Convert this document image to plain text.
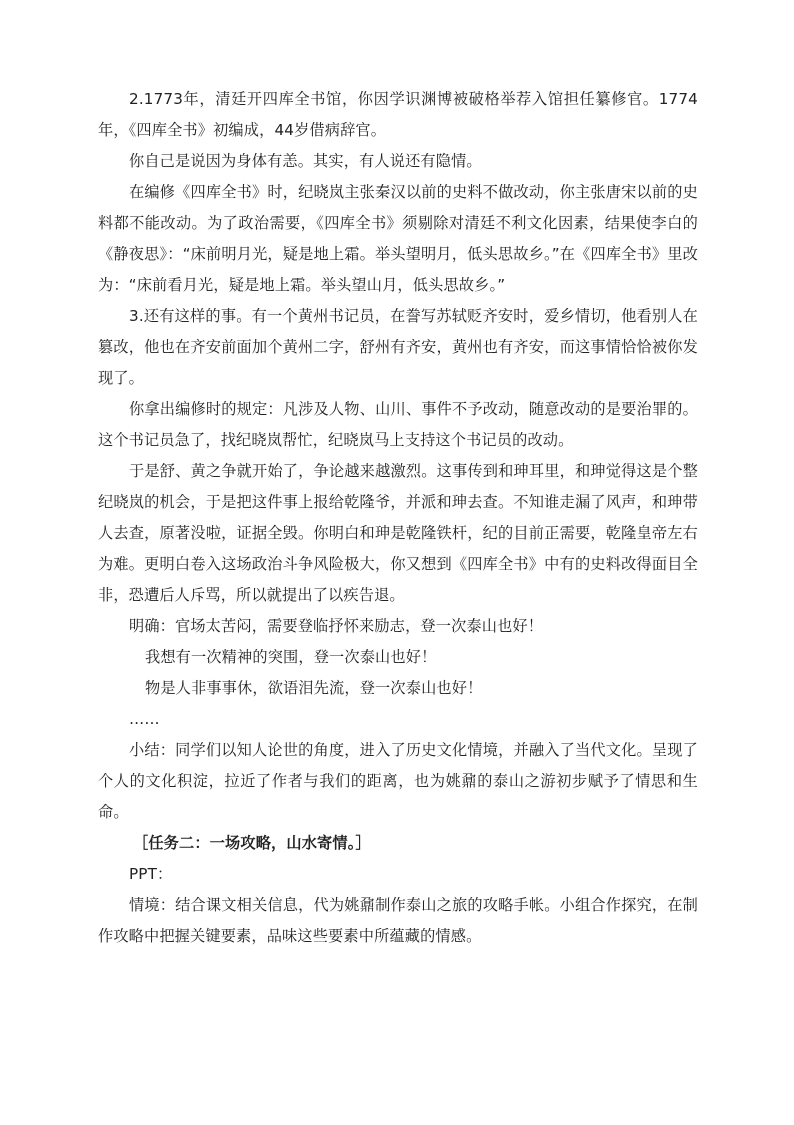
2.1773年，清廷开四库全书馆，你因学识渊博被破格举荐入馆担任纂修官。1774年，《四库全书》初编成，44岁借病辞官。

你自己是说因为身体有恙。其实，有人说还有隐情。

在编修《四库全书》时，纪晓岚主张秦汉以前的史料不做改动，你主张唐宋以前的史料都不能改动。为了政治需要，《四库全书》须剔除对清廷不利文化因素，结果使李白的《静夜思》：“床前明月光，疑是地上霜。举头望明月，低头思故乡。”在《四库全书》里改为：“床前看月光，疑是地上霜。举头望山月，低头思故乡。”

3.还有这样的事。有一个黄州书记员，在誊写苏轼贬齐安时，爱乡情切，他看别人在篡改，他也在齐安前面加个黄州二字，舒州有齐安，黄州也有齐安，而这事情恰恰被你发现了。

你拿出编修时的规定：凡涉及人物、山川、事件不予改动，随意改动的是要治罪的。这个书记员急了，找纪晓岚帮忙，纪晓岚马上支持这个书记员的改动。

于是舒、黄之争就开始了，争论越来越激烈。这事传到和珅耳里，和珅觉得这是个整纪晓岚的机会，于是把这件事上报给乾隆爷，并派和珅去查。不知谁走漏了风声，和珅带人去查，原著没啦，证据全毁。你明白和珅是乾隆铁杆，纪的目前正需要，乾隆皇帝左右为难。更明白卷入这场政治斗争风险极大，你又想到《四库全书》中有的史料改得面目全非，恐遭后人斥骂，所以就提出了以疾告退。

明确：官场太苦闷，需要登临抒怀来励志，登一次泰山也好！

我想有一次精神的突围，登一次泰山也好！

物是人非事事休，欲语泪先流，登一次泰山也好！

……

小结：同学们以知人论世的角度，进入了历史文化情境，并融入了当代文化。呈现了个人的文化积淀，拉近了作者与我们的距离，也为姚鼐的泰山之游初步赋予了情思和生命。

［任务二：一场攻略，山水寄情。］

PPT：

情境：结合课文相关信息，代为姚鼐制作泰山之旅的攻略手帐。小组合作探究，在制作攻略中把握关键要素，品味这些要素中所蕴藏的情感。
